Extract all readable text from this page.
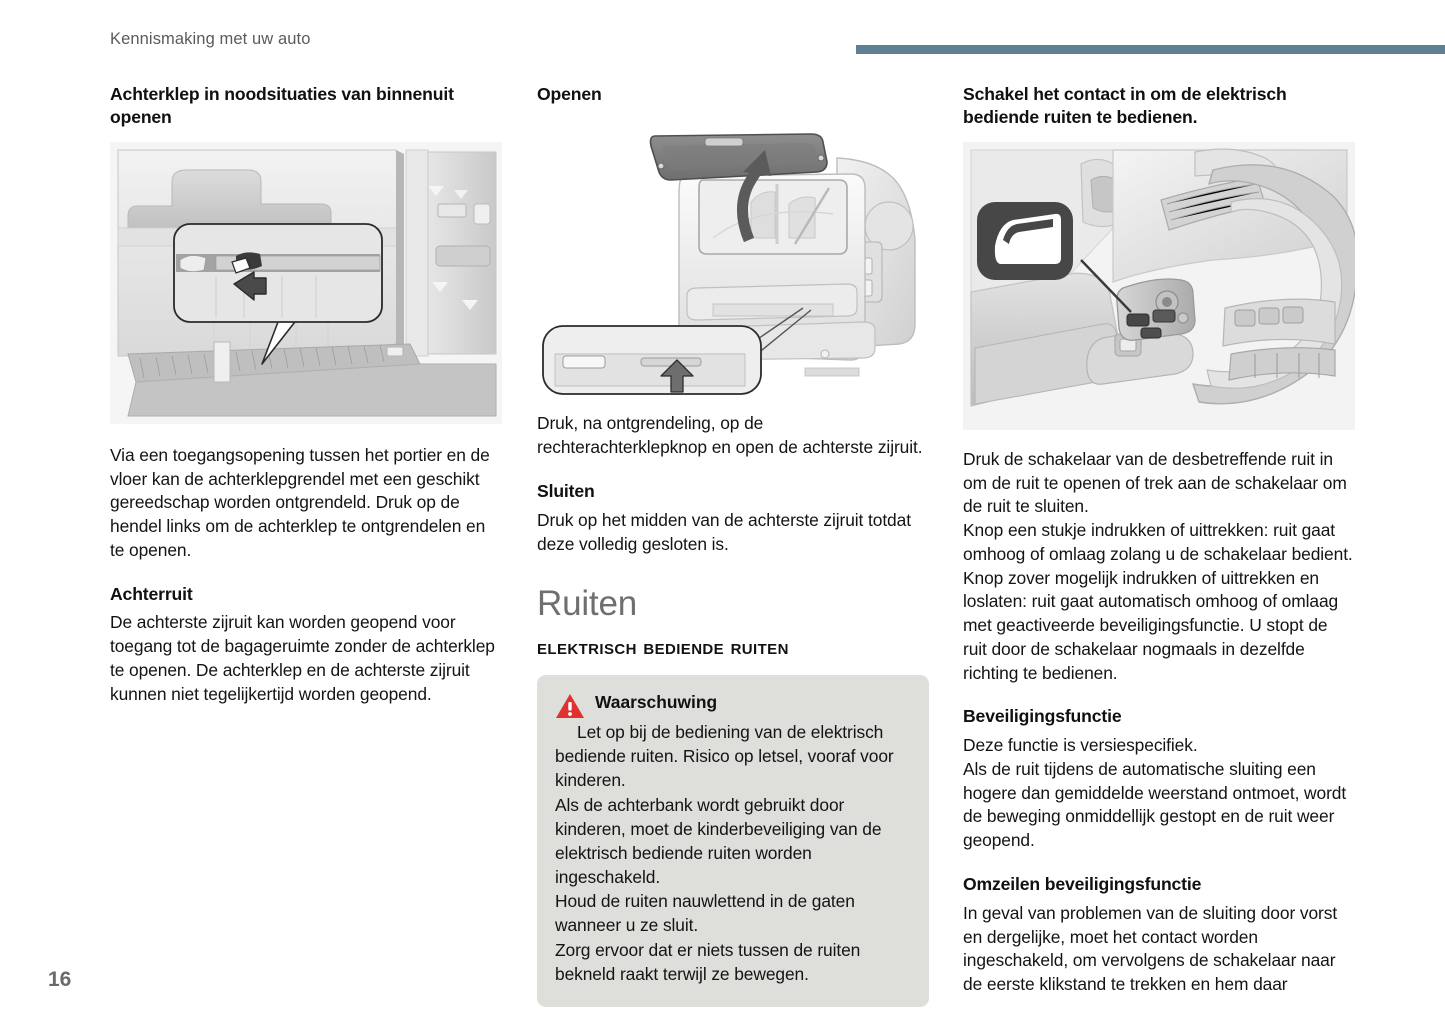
Kennismaking met uw auto
Achterklep in noodsituaties van binnenuit openen

Via een toegangsopening tussen het portier en de vloer kan de achterklepgrendel met een geschikt gereedschap worden ontgrendeld. Druk op de hendel links om de achterklep te ontgrendelen en te openen.

Achterruit

De achterste zijruit kan worden geopend voor toegang tot de bagageruimte zonder de achterklep te openen. De achterklep en de achterste zijruit kunnen niet tegelijkertijd worden geopend.

Openen

Druk, na ontgrendeling, op de rechterachterklepknop en open de achterste zijruit.

Sluiten

Druk op het midden van de achterste zijruit totdat deze volledig gesloten is.

Ruiten
elektrisch bediende ruiten
Waarschuwing
Let op bij de bediening van de elektrisch bediende ruiten. Risico op letsel, vooraf voor kinderen.
Als de achterbank wordt gebruikt door kinderen, moet de kinderbeveiliging van de elektrisch bediende ruiten worden ingeschakeld.
Houd de ruiten nauwlettend in de gaten wanneer u ze sluit.
Zorg ervoor dat er niets tussen de ruiten bekneld raakt terwijl ze bewegen.
Schakel het contact in om de elektrisch bediende ruiten te bedienen.

Druk de schakelaar van de desbetreffende ruit in om de ruit te openen of trek aan de schakelaar om de ruit te sluiten.

Knop een stukje indrukken of uittrekken: ruit gaat omhoog of omlaag zolang u de schakelaar bedient.

Knop zover mogelijk indrukken of uittrekken en loslaten: ruit gaat automatisch omhoog of omlaag met geactiveerde beveiligingsfunctie. U stopt de ruit door de schakelaar nogmaals in dezelfde richting te bedienen.

Beveiligingsfunctie

Deze functie is versiespecifiek.

Als de ruit tijdens de automatische sluiting een hogere dan gemiddelde weerstand ontmoet, wordt de beweging onmiddellijk gestopt en de ruit weer geopend.

Omzeilen beveiligingsfunctie

In geval van problemen van de sluiting door vorst en dergelijke, moet het contact worden ingeschakeld, om vervolgens de schakelaar naar de eerste klikstand te trekken en hem daar

16
